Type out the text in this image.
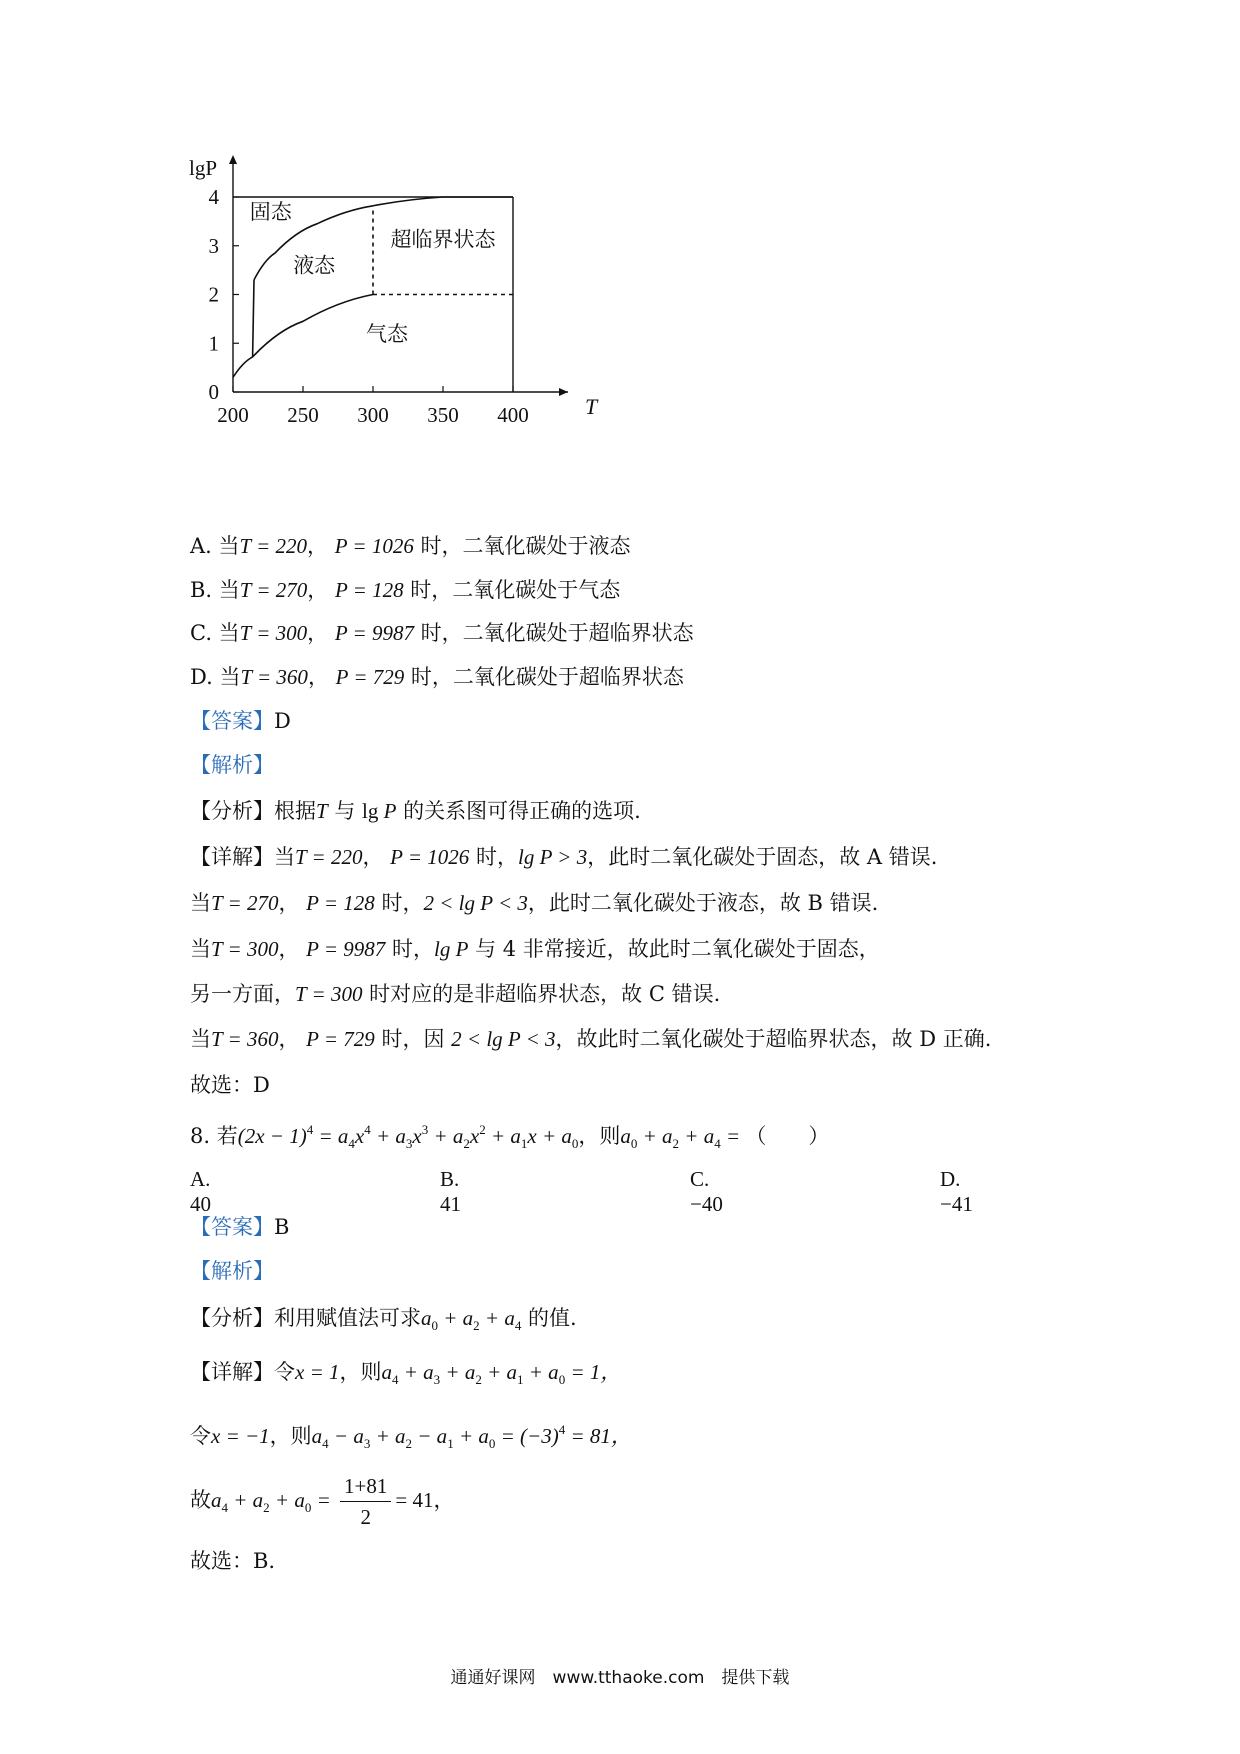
200 250 300 350 400
0
1
2
3
4
T
lgP
固态
液态
超临界状态
气态
A. 当T = 220， P = 1026 时，二氧化碳处于液态
B. 当T = 270， P = 128 时，二氧化碳处于气态
C. 当T = 300， P = 9987 时，二氧化碳处于超临界状态
D. 当T = 360， P = 729 时，二氧化碳处于超临界状态
【答案】D
【解析】
【分析】根据T 与 lg P 的关系图可得正确的选项.
【详解】当T = 220， P = 1026 时，lg P > 3，此时二氧化碳处于固态，故 A 错误.
当T = 270， P = 128 时，2 < lg P < 3，此时二氧化碳处于液态，故 B 错误.
当T = 300， P = 9987 时，lg P 与 4 非常接近，故此时二氧化碳处于固态，
另一方面，T = 300 时对应的是非超临界状态，故 C 错误.
当T = 360， P = 729 时，因 2 < lg P < 3，故此时二氧化碳处于超临界状态，故 D 正确.
故选：D
8. 若$(2x - 1)^4 = a_4x^4 + a_3x^3 + a_2x^2 + a_1x + a_0$，则$a_0 + a_2 + a_4$ = （　　）
A. 40
B. 41
C. −40
D. −41
【答案】B
【解析】
【分析】利用赋值法可求$a_0 + a_2 + a_4$ 的值.
【详解】令x = 1，则$a_4 + a_3 + a_2 + a_1 + a_0 = 1$，
令x = −1，则$a_4 - a_3 + a_2 - a_1 + a_0 = (-3)^4 = 81$，
故$a_4 + a_2 + a_0 = \frac{1+81}{2} = 41$，
故选：B.
通通好课网　www.tthaoke.com　提供下载
